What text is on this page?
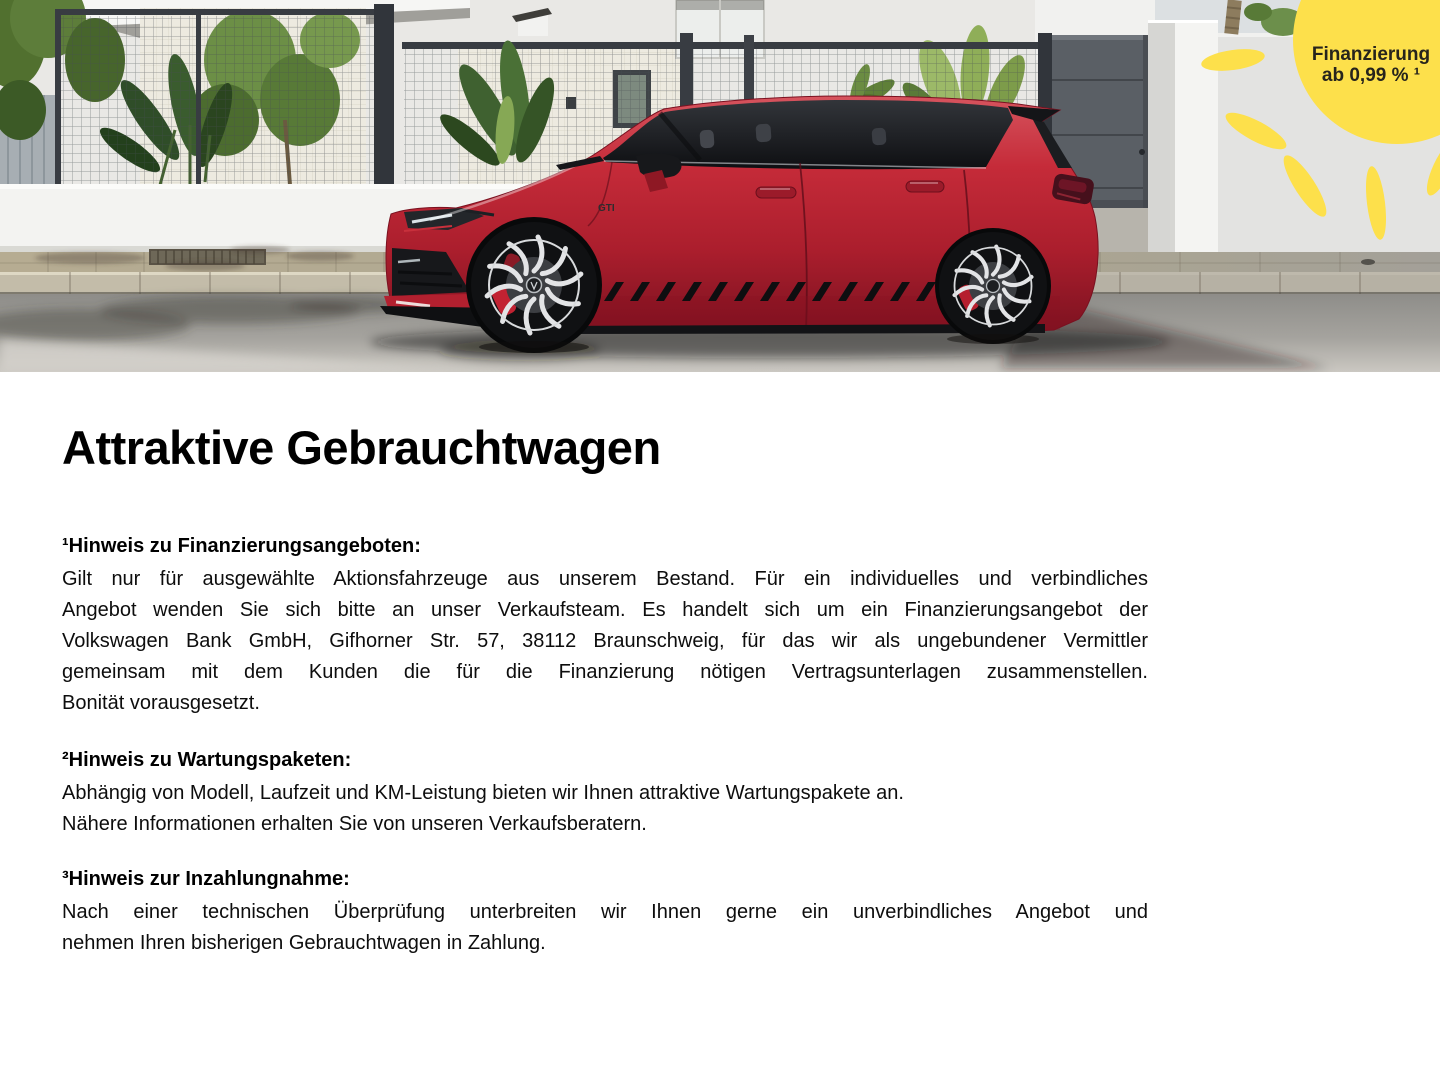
GTI
Finanzierung
ab 0,99 % ¹
Attraktive Gebrauchtwagen
¹Hinweis zu Finanzierungsangeboten:
Gilt nur für ausgewählte Aktionsfahrzeuge aus unserem Bestand. Für ein individuelles und verbindliches
Angebot wenden Sie sich bitte an unser Verkaufsteam. Es handelt sich um ein Finanzierungsangebot der
Volkswagen Bank GmbH, Gifhorner Str. 57, 38112 Braunschweig, für das wir als ungebundener Vermittler
gemeinsam mit dem Kunden die für die Finanzierung nötigen Vertragsunterlagen zusammenstellen.
Bonität vorausgesetzt.
²Hinweis zu Wartungspaketen:
Abhängig von Modell, Laufzeit und KM-Leistung bieten wir Ihnen attraktive Wartungspakete an.
Nähere Informationen erhalten Sie von unseren Verkaufsberatern.
³Hinweis zur Inzahlungnahme:
Nach einer technischen Überprüfung unterbreiten wir Ihnen gerne ein unverbindliches Angebot und
nehmen Ihren bisherigen Gebrauchtwagen in Zahlung.
